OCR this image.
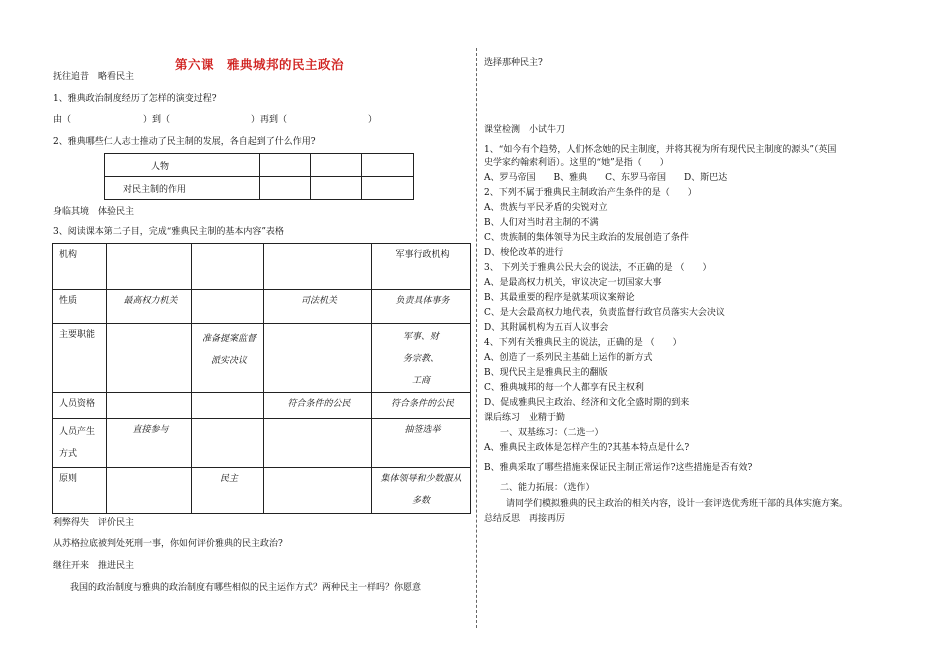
第六课　雅典城邦的民主政治
抚往追昔　略看民主
1、雅典政治制度经历了怎样的演变过程?
由（　　　　　　　　）到（　　　　　　　　　）再到（　　　　　　　　　）
2、雅典哪些仁人志士推动了民主制的发展，各自起到了什么作用?
人物			
对民主制的作用			
身临其境　体验民主
3、阅读课本第二子目，完成“雅典民主制的基本内容”表格
机构				军事行政机构
性质	最高权力机关		司法机关	负责具体事务
主要职能		准备提案监督派实决议		军事、财务宗教、工商
人员资格			符合条件的公民	符合条件的公民
人员产生方式	直接参与			抽签选举
原则		民主		集体领导和少数服从多数
利弊得失　评价民主
从苏格拉底被判处死刑一事，你如何评价雅典的民主政治?
继往开来　推进民主
我国的政治制度与雅典的政治制度有哪些相似的民主运作方式？两种民主一样吗？你愿意
选择那种民主?
课堂检测　小试牛刀
1、“如今有个趋势，人们怀念她的民主制度，并将其视为所有现代民主制度的源头”（英国
史学家约翰索利语）。这里的“她”是指（　　）
A、罗马帝国　　B、雅典　　C、东罗马帝国　　D、斯巴达
2、下列不属于雅典民主制政治产生条件的是（　　）
A、贵族与平民矛盾的尖锐对立
B、人们对当时君主制的不满
C、贵族制的集体领导为民主政治的发展创造了条件
D、梭伦改革的进行
3、 下列关于雅典公民大会的说法，不正确的是 （　　）
A、是最高权力机关，审议决定一切国家大事
B、其最重要的程序是就某项议案辩论
C、是大会最高权力地代表，负责监督行政官员落实大会决议
D、其附属机构为五百人议事会
4、下列有关雅典民主的说法，正确的是 （　　）
A、创造了一系列民主基础上运作的新方式
B、现代民主是雅典民主的翻版
C、雅典城邦的每一个人都享有民主权利
D、促成雅典民主政治、经济和文化全盛时期的到来
课后练习　业精于勤
一、双基练习：（二选一）
A、雅典民主政体是怎样产生的?其基本特点是什么?
B、雅典采取了哪些措施来保证民主制正常运作?这些措施是否有效?
二、能力拓展：（选作）
请同学们模拟雅典的民主政治的相关内容，设计一套评选优秀班干部的具体实施方案。
总结反思　再接再厉
